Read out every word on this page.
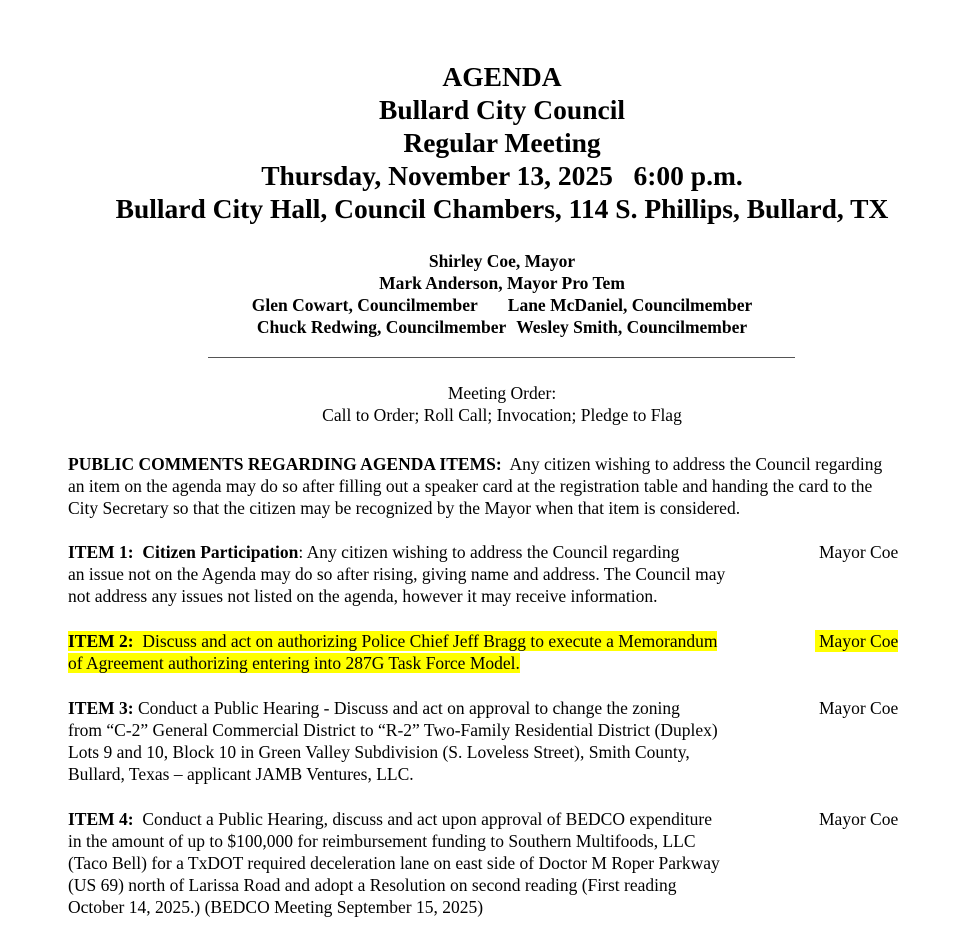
AGENDA
Bullard City Council
Regular Meeting
Thursday, November 13, 2025   6:00 p.m.
Bullard City Hall, Council Chambers, 114 S. Phillips, Bullard, TX
Shirley Coe, Mayor
Mark Anderson, Mayor Pro Tem
Glen Cowart, Councilmember Lane McDaniel, Councilmember
Chuck Redwing, Councilmember Wesley Smith, Councilmember
Meeting Order:
Call to Order; Roll Call; Invocation; Pledge to Flag

PUBLIC COMMENTS REGARDING AGENDA ITEMS:  Any citizen wishing to address the Council regarding

an item on the agenda may do so after filling out a speaker card at the registration table and handing the card to the

City Secretary so that the citizen may be recognized by the Mayor when that item is considered.

ITEM 1:  Citizen Participation: Any citizen wishing to address the Council regarding

an issue not on the Agenda may do so after rising, giving name and address. The Council may

not address any issues not listed on the agenda, however it may receive information.

Mayor Coe

ITEM 2:  Discuss and act on authorizing Police Chief Jeff Bragg to execute a Memorandum

of Agreement authorizing entering into 287G Task Force Model.

Mayor Coe

ITEM 3: Conduct a Public Hearing - Discuss and act on approval to change the zoning

from “C-2” General Commercial District to “R-2” Two-Family Residential District (Duplex)

Lots 9 and 10, Block 10 in Green Valley Subdivision (S. Loveless Street), Smith County,

Bullard, Texas – applicant JAMB Ventures, LLC.

Mayor Coe

ITEM 4:  Conduct a Public Hearing, discuss and act upon approval of BEDCO expenditure

in the amount of up to $100,000 for reimbursement funding to Southern Multifoods, LLC

(Taco Bell) for a TxDOT required deceleration lane on east side of Doctor M Roper Parkway

(US 69) north of Larissa Road and adopt a Resolution on second reading (First reading

October 14, 2025.) (BEDCO Meeting September 15, 2025)

Mayor Coe
